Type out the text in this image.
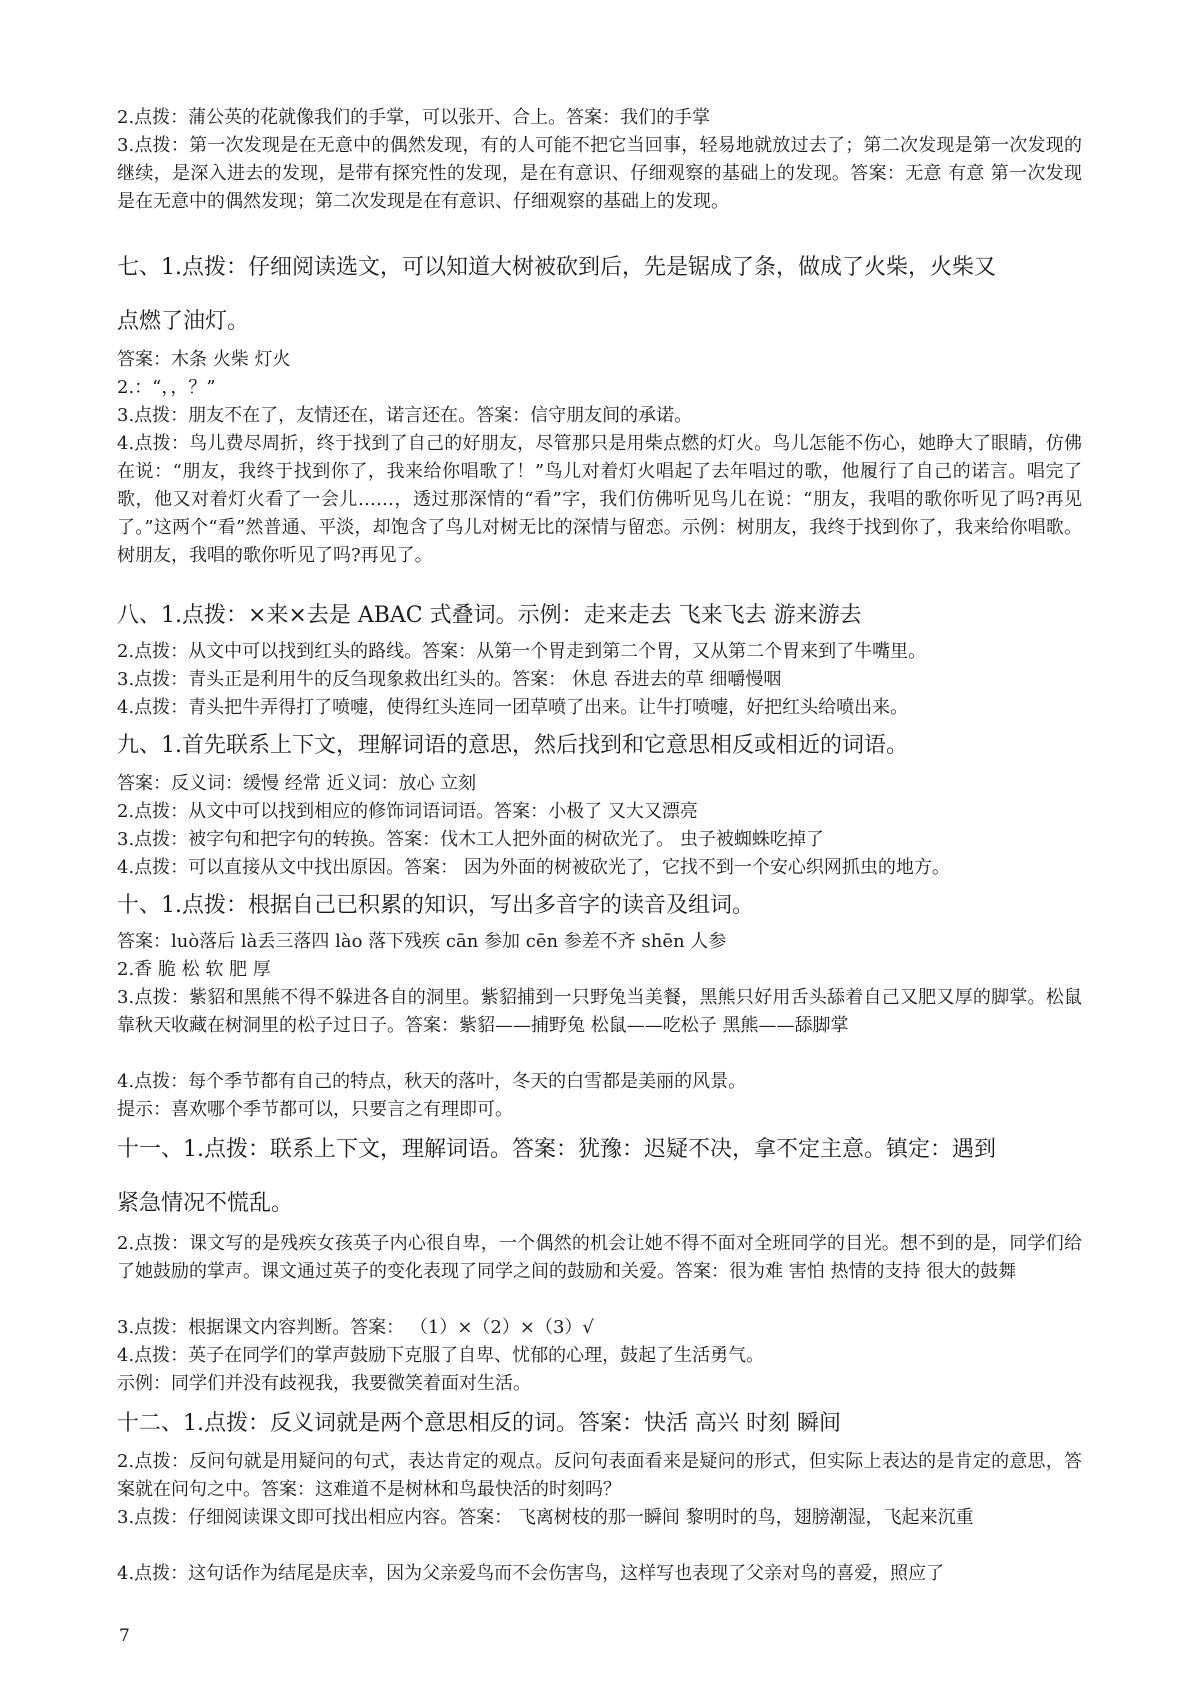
2.点拨：蒲公英的花就像我们的手掌，可以张开、合上。答案：我们的手掌

3.点拨：第一次发现是在无意中的偶然发现，有的人可能不把它当回事，轻易地就放过去了；第二次发现是第一次发现的继续，是深入进去的发现，是带有探究性的发现，是在有意识、仔细观察的基础上的发现。答案：无意 有意 第一次发现是在无意中的偶然发现；第二次发现是在有意识、仔细观察的基础上的发现。

七、1.点拨：仔细阅读选文，可以知道大树被砍到后，先是锯成了条，做成了火柴，火柴又

点燃了油灯。

答案：木条 火柴 灯火

2.：“，，？”

3.点拨：朋友不在了，友情还在，诺言还在。答案：信守朋友间的承诺。

4.点拨：鸟儿费尽周折，终于找到了自己的好朋友，尽管那只是用柴点燃的灯火。鸟儿怎能不伤心，她睁大了眼睛，仿佛在说：“朋友，我终于找到你了，我来给你唱歌了！”鸟儿对着灯火唱起了去年唱过的歌，他履行了自己的诺言。唱完了歌，他又对着灯火看了一会儿……，透过那深情的“看”字，我们仿佛听见鸟儿在说：“朋友，我唱的歌你听见了吗?再见了。”这两个“看”然普通、平淡，却饱含了鸟儿对树无比的深情与留恋。示例：树朋友，我终于找到你了，我来给你唱歌。 树朋友，我唱的歌你听见了吗?再见了。

八、1.点拨：×来×去是 ABAC 式叠词。示例：走来走去 飞来飞去 游来游去

2.点拨：从文中可以找到红头的路线。答案：从第一个胃走到第二个胃，又从第二个胃来到了牛嘴里。

3.点拨：青头正是利用牛的反刍现象救出红头的。答案： 休息 吞进去的草 细嚼慢咽

4.点拨：青头把牛弄得打了喷嚏，使得红头连同一团草喷了出来。让牛打喷嚏，好把红头给喷出来。

九、1.首先联系上下文，理解词语的意思，然后找到和它意思相反或相近的词语。

答案：反义词：缓慢 经常 近义词：放心 立刻

2.点拨：从文中可以找到相应的修饰词语词语。答案：小极了 又大又漂亮

3.点拨：被字句和把字句的转换。答案：伐木工人把外面的树砍光了。 虫子被蜘蛛吃掉了

4.点拨：可以直接从文中找出原因。答案： 因为外面的树被砍光了，它找不到一个安心织网抓虫的地方。

十、1.点拨：根据自己已积累的知识，写出多音字的读音及组词。

答案：luò落后 là丢三落四 lào 落下残疾 cān 参加 cēn 参差不齐 shēn 人参

2.香 脆 松 软 肥 厚

3.点拨：紫貂和黑熊不得不躲进各自的洞里。紫貂捕到一只野兔当美餐，黑熊只好用舌头舔着自己又肥又厚的脚掌。松鼠靠秋天收藏在树洞里的松子过日子。答案：紫貂——捕野兔 松鼠——吃松子 黑熊——舔脚掌

4.点拨：每个季节都有自己的特点，秋天的落叶，冬天的白雪都是美丽的风景。

提示：喜欢哪个季节都可以，只要言之有理即可。

十一、1.点拨：联系上下文，理解词语。答案：犹豫：迟疑不决，拿不定主意。镇定：遇到

紧急情况不慌乱。

2.点拨：课文写的是残疾女孩英子内心很自卑，一个偶然的机会让她不得不面对全班同学的目光。想不到的是，同学们给了她鼓励的掌声。课文通过英子的变化表现了同学之间的鼓励和关爱。答案：很为难 害怕 热情的支持 很大的鼓舞

3.点拨：根据课文内容判断。答案： （1）×（2）×（3）√

4.点拨：英子在同学们的掌声鼓励下克服了自卑、忧郁的心理，鼓起了生活勇气。

示例：同学们并没有歧视我，我要微笑着面对生活。

十二、1.点拨：反义词就是两个意思相反的词。答案：快活 高兴 时刻 瞬间

2.点拨：反问句就是用疑问的句式，表达肯定的观点。反问句表面看来是疑问的形式，但实际上表达的是肯定的意思，答案就在问句之中。答案：这难道不是树林和鸟最快活的时刻吗？

3.点拨：仔细阅读课文即可找出相应内容。答案： 飞离树枝的那一瞬间 黎明时的鸟，翅膀潮湿，飞起来沉重

4.点拨：这句话作为结尾是庆幸，因为父亲爱鸟而不会伤害鸟，这样写也表现了父亲对鸟的喜爱，照应了

7
